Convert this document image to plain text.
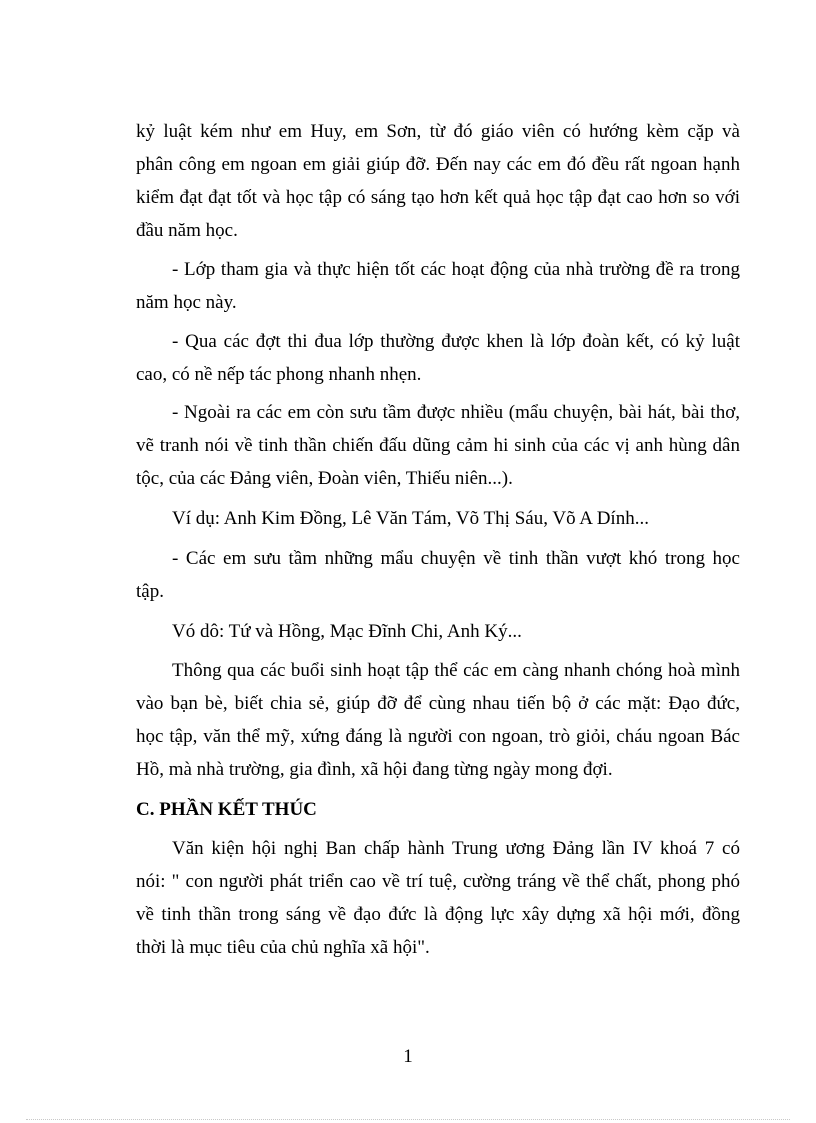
kỷ luật kém như em Huy, em Sơn, từ đó giáo viên có hướng kèm cặp và

phân công em ngoan em giải giúp đỡ. Đến nay các em đó đều rất ngoan hạnh

kiểm đạt đạt tốt và học tập có sáng tạo hơn kết quả học tập đạt cao hơn so với

đầu năm học.

- Lớp tham gia và thực hiện tốt các hoạt động của nhà trường đề ra trong

năm học này.

- Qua các đợt thi đua lớp thường được khen là lớp đoàn kết, có kỷ luật

cao, có nề nếp tác phong nhanh nhẹn.

- Ngoài ra các em còn sưu tầm được nhiều (mẩu chuyện, bài hát, bài thơ,

vẽ tranh nói về tinh thần chiến đấu dũng cảm hi sinh của các vị anh hùng dân

tộc, của các Đảng viên, Đoàn viên, Thiếu niên...).

Ví dụ: Anh Kim Đồng, Lê Văn Tám, Võ Thị Sáu, Võ A Dính...

- Các em sưu tầm những mẩu chuyện về tinh thần vượt khó trong học

tập.

Vó dô: Tứ và Hồng, Mạc Đĩnh Chi, Anh Ký...

Thông qua các buổi sinh hoạt tập thể các em càng nhanh chóng hoà mình

vào bạn bè, biết chia sẻ, giúp đỡ để cùng nhau tiến bộ ở các mặt: Đạo đức,

học tập, văn thể mỹ, xứng đáng là người con ngoan, trò giỏi, cháu ngoan Bác

Hồ, mà nhà trường, gia đình, xã hội đang từng ngày mong đợi.

C. PHẦN KẾT THÚC

Văn kiện hội nghị Ban chấp hành Trung ương Đảng lần IV khoá 7 có

nói: " con người phát triển cao về trí tuệ, cường tráng về thể chất, phong phó

về tinh thần trong sáng về đạo đức là động lực xây dựng xã hội mới, đồng

thời là mục tiêu của chủ nghĩa xã hội".

1
